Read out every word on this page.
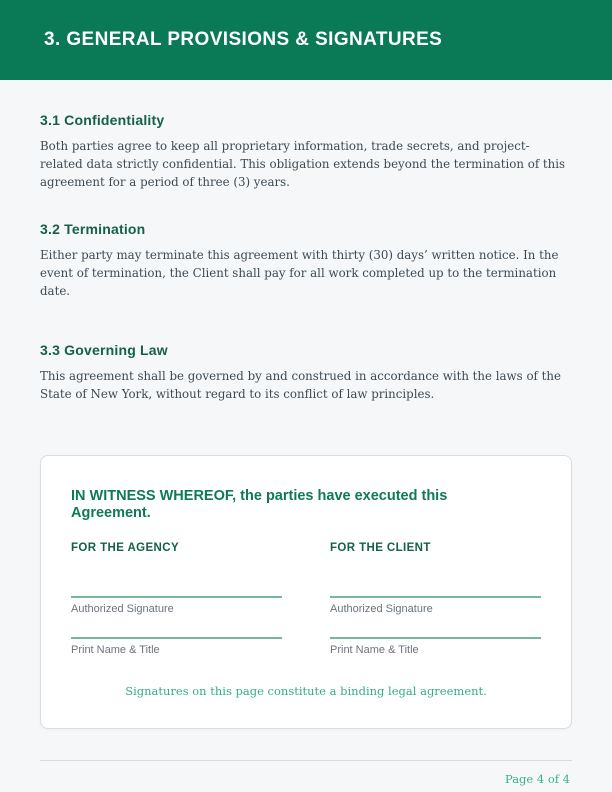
3. GENERAL PROVISIONS & SIGNATURES
3.1 Confidentiality

Both parties agree to keep all proprietary information, trade secrets, and project-related data strictly confidential. This obligation extends beyond the termination of this agreement for a period of three (3) years.

3.2 Termination

Either party may terminate this agreement with thirty (30) days’ written notice. In the event of termination, the Client shall pay for all work completed up to the termination date.

3.3 Governing Law

This agreement shall be governed by and construed in accordance with the laws of the State of New York, without regard to its conflict of law principles.

IN WITNESS WHEREOF, the parties have executed this Agreement.

FOR THE AGENCY
Authorized Signature
Print Name & Title
FOR THE CLIENT
Authorized Signature
Print Name & Title

Signatures on this page constitute a binding legal agreement.

Page 4 of 4
